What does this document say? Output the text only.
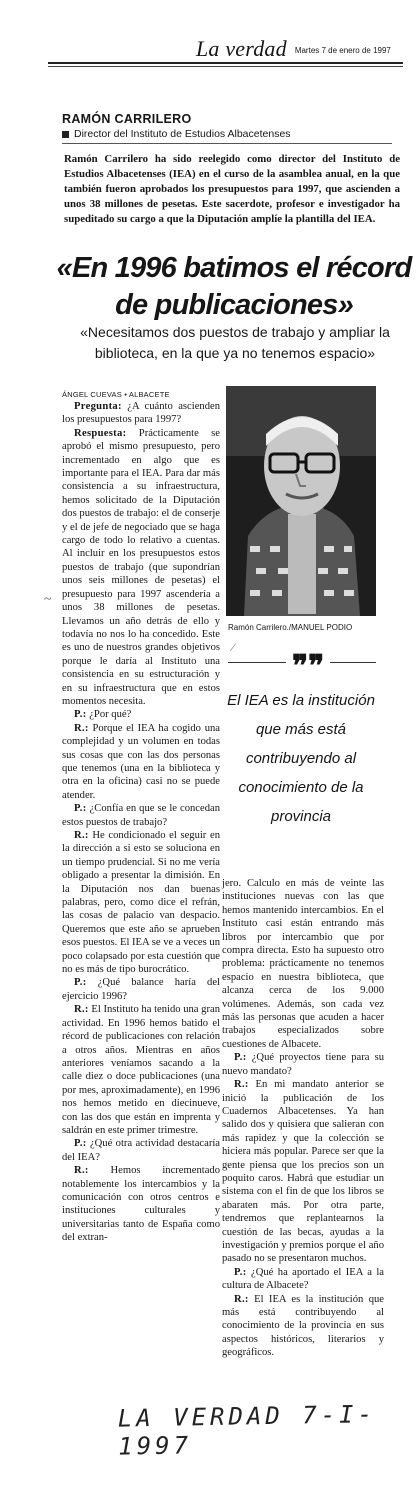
La verdad Martes 7 de enero de 1997
RAMÓN CARRILERO
Director del Instituto de Estudios Albacetenses
Ramón Carrilero ha sido reelegido como director del Instituto de Estudios Albacetenses (IEA) en el curso de la asamblea anual, en la que también fueron aprobados los presupuestos para 1997, que ascienden a unos 38 millones de pesetas. Este sacerdote, profesor e investigador ha supeditado su cargo a que la Diputación amplíe la plantilla del IEA.
«En 1996 batimos el récord de publicaciones»
«Necesitamos dos puestos de trabajo y ampliar la biblioteca, en la que ya no tenemos espacio»
ÁNGEL CUEVAS • ALBACETE
Ramón Carrilero./MANUEL PODIO
⁄
❞❞
El IEA es la institución que más está contribuyendo al conocimiento de la provincia
~

Pregunta: ¿A cuánto ascienden los presupuestos para 1997?

Respuesta: Prácticamente se aprobó el mismo presupuesto, pero incrementado en algo que es importante para el IEA. Para dar más consistencia a su infraestructura, hemos solicitado de la Diputación dos puestos de trabajo: el de conserje y el de jefe de negociado que se haga cargo de todo lo relativo a cuentas. Al incluir en los presupuestos estos puestos de trabajo (que supondrían unos seis millones de pesetas) el presupuesto para 1997 ascendería a unos 38 millones de pesetas. Llevamos un año detrás de ello y todavía no nos lo ha concedido. Este es uno de nuestros grandes objetivos porque le daría al Instituto una consistencia en su estructuración y en su infraestructura que en estos momentos necesita.

P.: ¿Por qué?

R.: Porque el IEA ha cogido una complejidad y un volumen en todas sus cosas que con las dos personas que tenemos (una en la biblioteca y otra en la oficina) casi no se puede atender.

P.: ¿Confía en que se le concedan estos puestos de trabajo?

R.: He condicionado el seguir en la dirección a si esto se soluciona en un tiempo prudencial. Si no me vería obligado a presentar la dimisión. En la Diputación nos dan buenas palabras, pero, como dice el refrán, las cosas de palacio van despacio. Queremos que este año se aprueben esos puestos. El IEA se ve a veces un poco colapsado por esta cuestión que no es más de tipo burocrático.

P.: ¿Qué balance haría del ejercicio 1996?

R.: El Instituto ha tenido una gran actividad. En 1996 hemos batido el récord de publicaciones con relación a otros años. Mientras en años anteriores veníamos sacando a la calle diez o doce publicaciones (una por mes, aproximadamente), en 1996 nos hemos metido en diecinueve, con las dos que están en imprenta y saldrán en este primer trimestre.

P.: ¿Qué otra actividad destacaría del IEA?

R.: Hemos incrementado notablemente los intercambios y la comunicación con otros centros e instituciones culturales y universitarias tanto de España como del extran-

jero. Calculo en más de veinte las instituciones nuevas con las que hemos mantenido intercambios. En el Instituto casi están entrando más libros por intercambio que por compra directa. Esto ha supuesto otro problema: prácticamente no tenemos espacio en nuestra biblioteca, que alcanza cerca de los 9.000 volúmenes. Además, son cada vez más las personas que acuden a hacer trabajos especializados sobre cuestiones de Albacete.

P.: ¿Qué proyectos tiene para su nuevo mandato?

R.: En mi mandato anterior se inició la publicación de los Cuadernos Albacetenses. Ya han salido dos y quisiera que salieran con más rapidez y que la colección se hiciera más popular. Parece ser que la gente piensa que los precios son un poquito caros. Habrá que estudiar un sistema con el fin de que los libros se abaraten más. Por otra parte, tendremos que replantearnos la cuestión de las becas, ayudas a la investigación y premios porque el año pasado no se presentaron muchos.

P.: ¿Qué ha aportado el IEA a la cultura de Albacete?

R.: El IEA es la institución que más está contribuyendo al conocimiento de la provincia en sus aspectos históricos, literarios y geográficos.

LA VERDAD 7-I-1997
